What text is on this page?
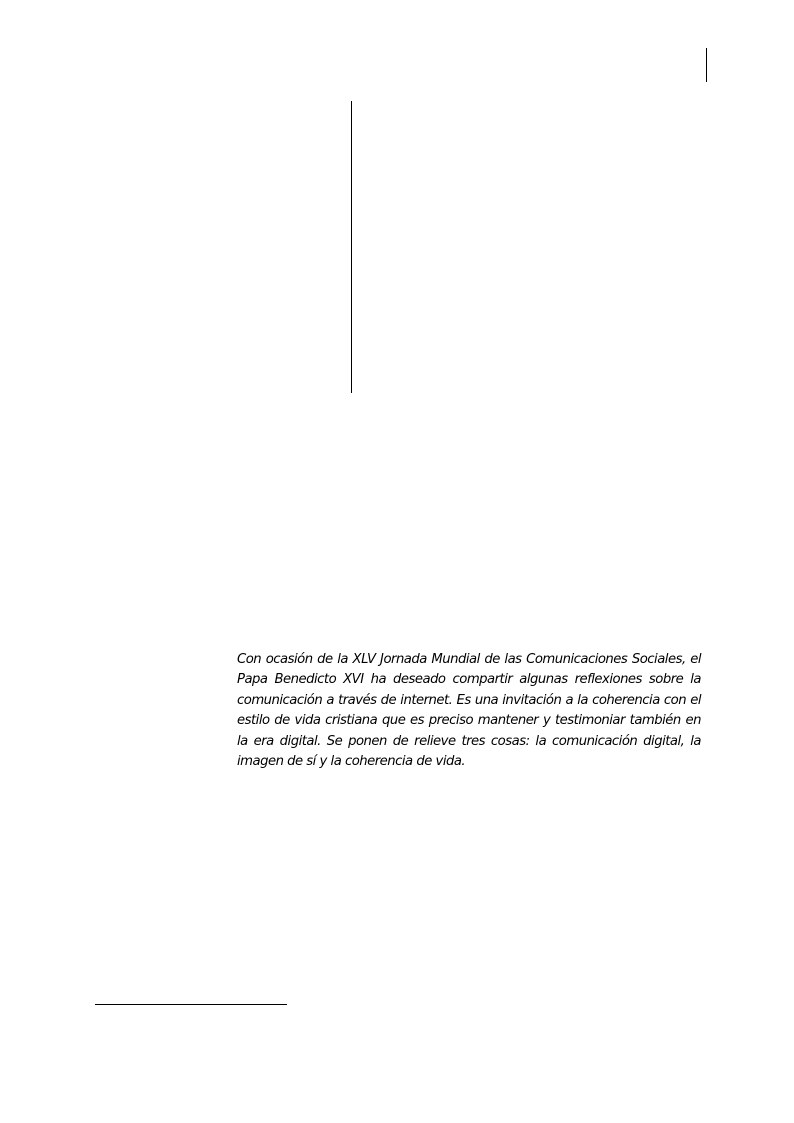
Con ocasión de la XLV Jornada Mundial de las Comunicaciones Sociales, el Papa Benedicto XVI ha deseado compartir algunas reflexiones sobre la comunicación a través de internet. Es una invitación a la coherencia con el estilo de vida cristiana que es preciso mantener y testimoniar también en la era digital. Se ponen de relieve tres cosas: la comunicación digital, la imagen de sí y la coherencia de vida.
